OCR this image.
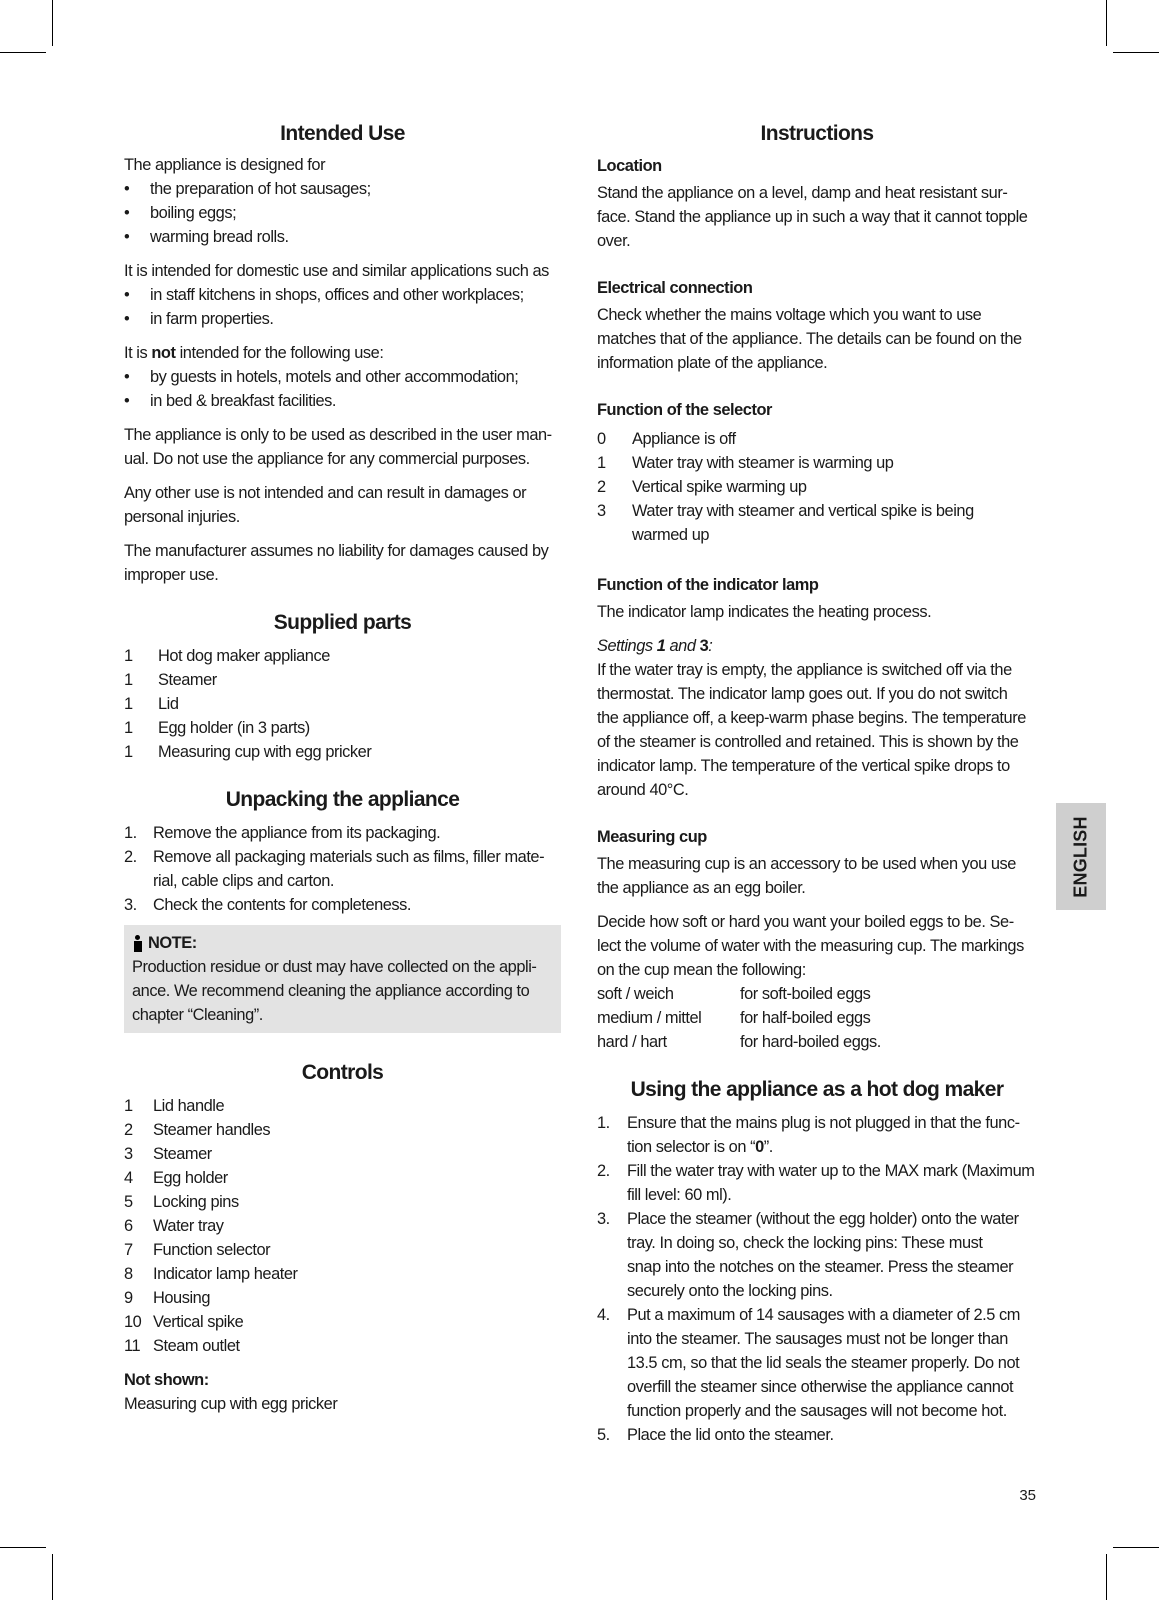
Intended Use

The appliance is designed for

• the preparation of hot sausages;
• boiling eggs;
• warming bread rolls.

It is intended for domestic use and similar applications such as

• in staff kitchens in shops, offices and other workplaces;
• in farm properties.

It is not intended for the following use:

• by guests in hotels, motels and other accommodation;
• in bed & breakfast facilities.

The appliance is only to be used as described in the user man-
ual. Do not use the appliance for any commercial purposes.

Any other use is not intended and can result in damages or
personal injuries.

The manufacturer assumes no liability for damages caused by
improper use.

Supplied parts
1	Hot dog maker appliance
1	Steamer
1	Lid
1	Egg holder (in 3 parts)
1	Measuring cup with egg pricker
Unpacking the appliance
1. Remove the appliance from its packaging.
2. Remove all packaging materials such as films, filler mate-
rial, cable clips and carton.
3. Check the contents for completeness.
NOTE:

Production residue or dust may have collected on the appli-
ance. We recommend cleaning the appliance according to
chapter “Cleaning”.

Controls
1	Lid handle
2	Steamer handles
3	Steamer
4	Egg holder
5	Locking pins
6	Water tray
7	Function selector
8	Indicator lamp heater
9	Housing
10 Vertical spike
11 Steam outlet
Not shown:

Measuring cup with egg pricker

Instructions
Location

Stand the appliance on a level, damp and heat resistant sur-
face. Stand the appliance up in such a way that it cannot topple
over.

Electrical connection

Check whether the mains voltage which you want to use
matches that of the appliance. The details can be found on the
information plate of the appliance.

Function of the selector
0	Appliance is off
1	Water tray with steamer is warming up
2	Vertical spike warming up
3	Water tray with steamer and vertical spike is being
warmed up
Function of the indicator lamp

The indicator lamp indicates the heating process.

Settings 1 and 3:

If the water tray is empty, the appliance is switched off via the
thermostat. The indicator lamp goes out. If you do not switch
the appliance off, a keep-warm phase begins. The temperature
of the steamer is controlled and retained. This is shown by the
indicator lamp. The temperature of the vertical spike drops to
around 40°C.

Measuring cup

The measuring cup is an accessory to be used when you use
the appliance as an egg boiler.

Decide how soft or hard you want your boiled eggs to be. Se-
lect the volume of water with the measuring cup. The markings
on the cup mean the following:

soft / weich	for soft-boiled eggs
medium / mittel	for half-boiled eggs
hard / hart	for hard-boiled eggs.
Using the appliance as a hot dog maker
1.	Ensure that the mains plug is not plugged in that the func-
tion selector is on “0”.
2.	Fill the water tray with water up to the MAX mark (Maximum
fill level: 60 ml).
3.	Place the steamer (without the egg holder) onto the water
tray. In doing so, check the locking pins: These must
snap into the notches on the steamer. Press the steamer
securely onto the locking pins.
4.	Put a maximum of 14 sausages with a diameter of 2.5 cm
into the steamer. The sausages must not be longer than
13.5 cm, so that the lid seals the steamer properly. Do not
overfill the steamer since otherwise the appliance cannot
function properly and the sausages will not become hot.
5.	Place the lid onto the steamer.
ENGLISH
35
